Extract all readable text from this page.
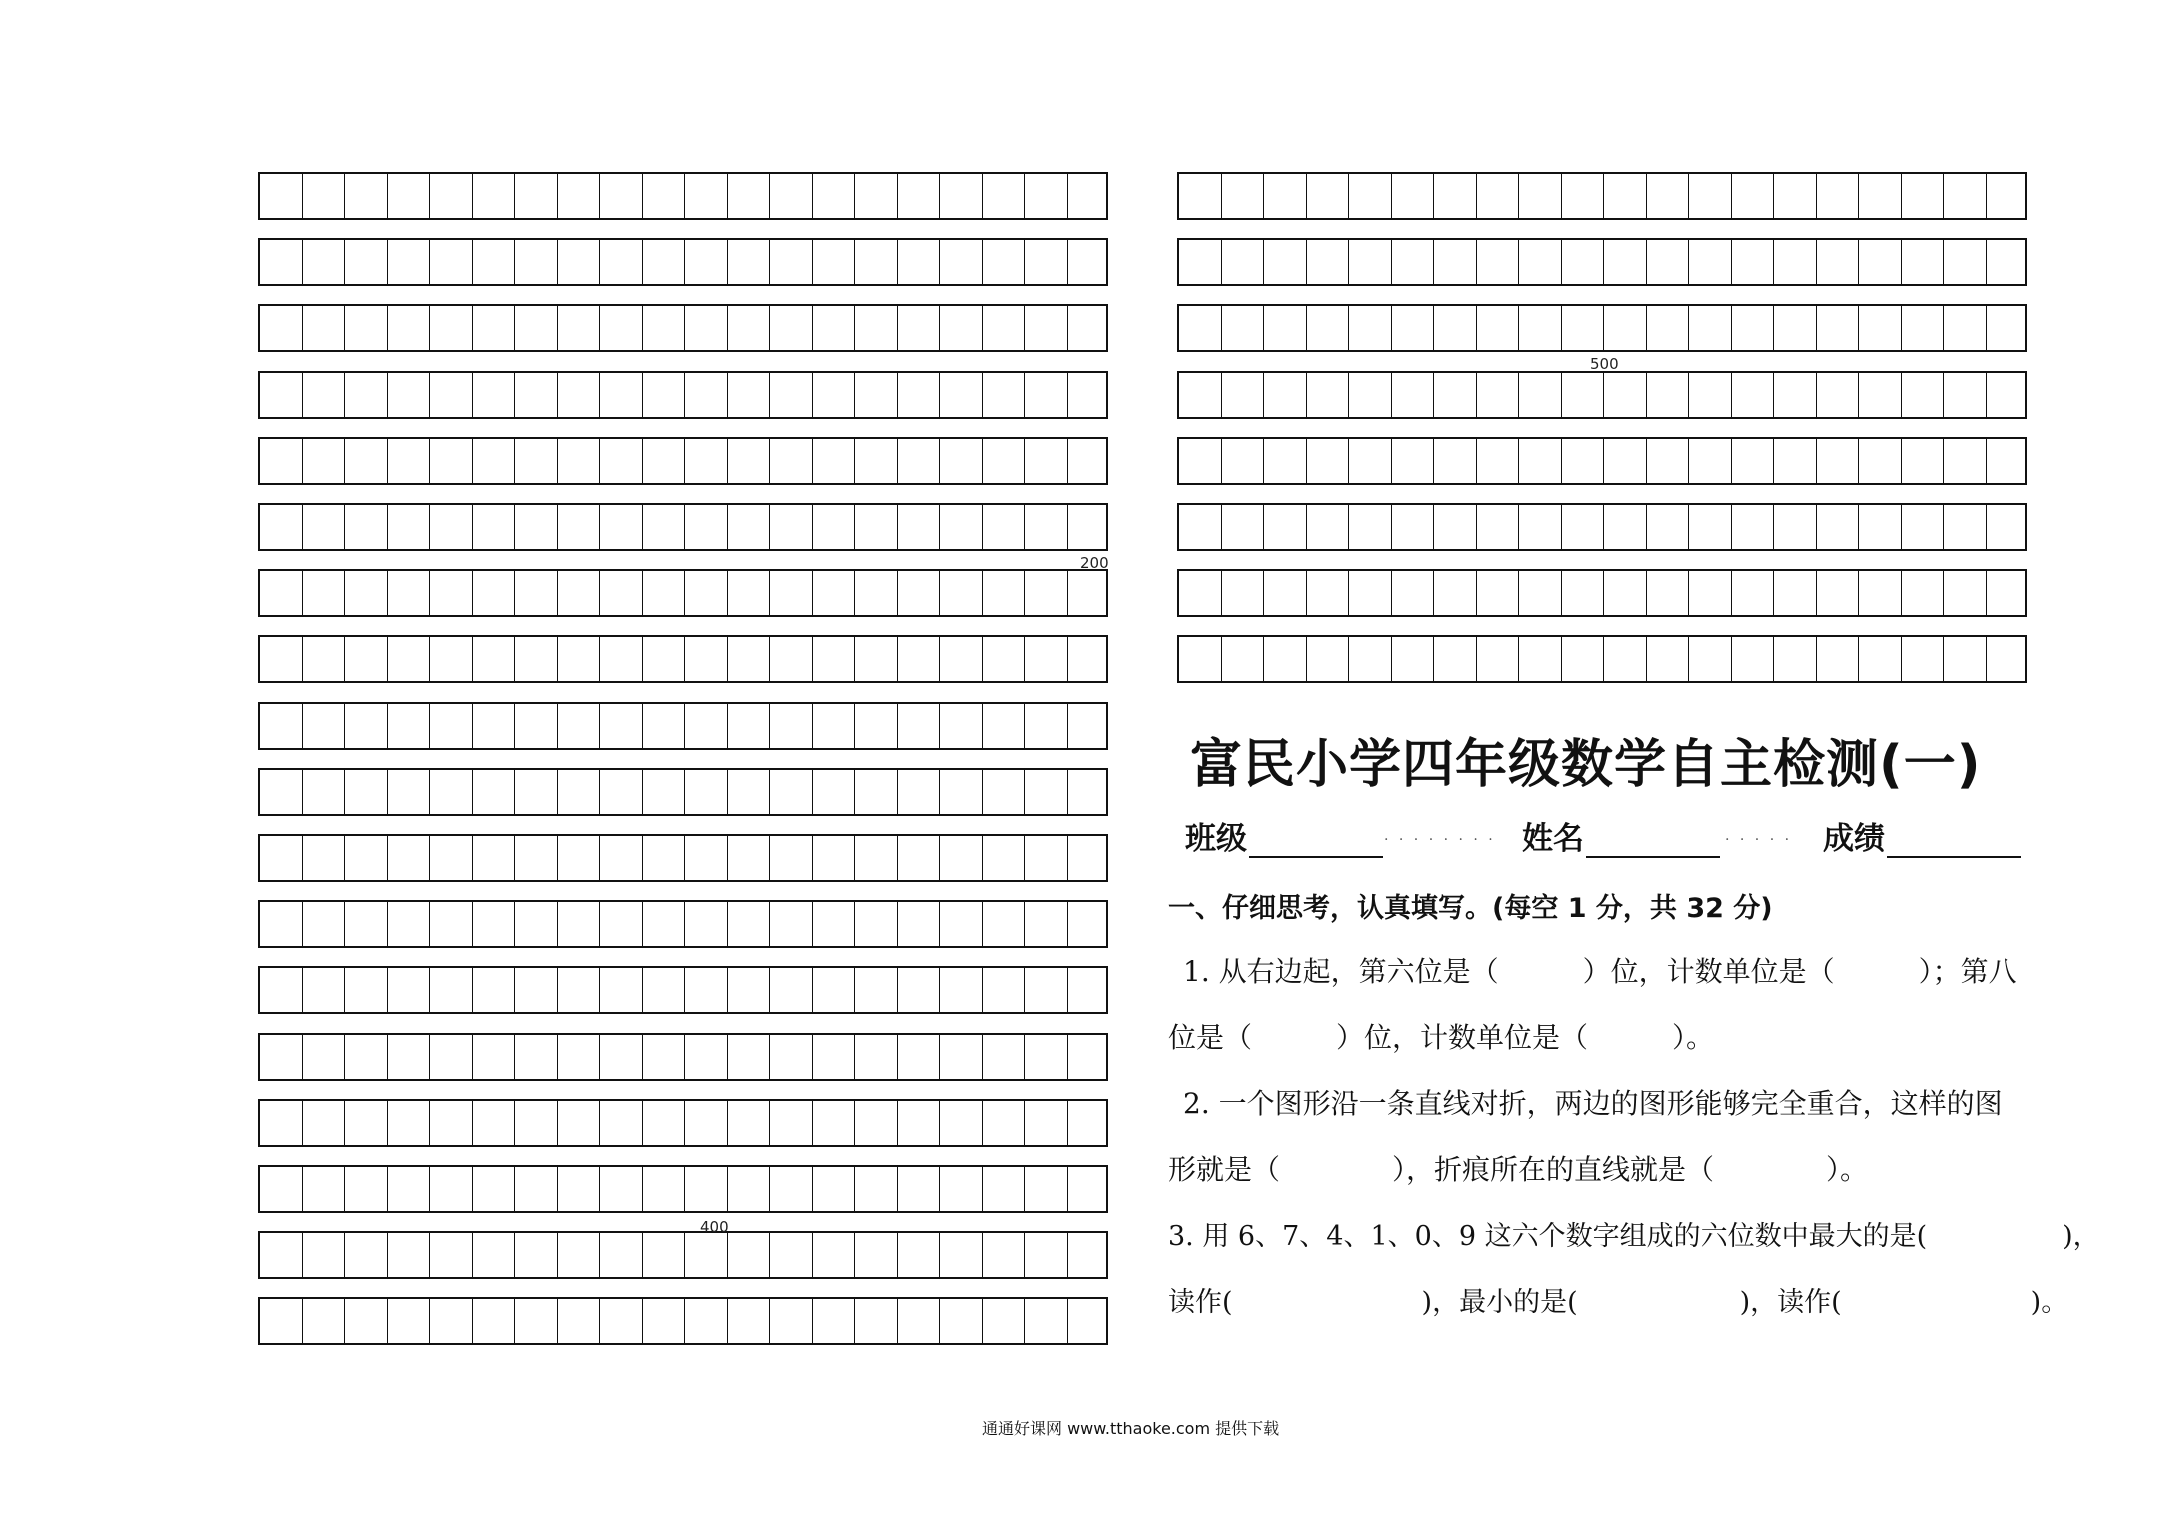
200
400
500
富民小学四年级数学自主检测(一)
班级	. . . . . . . . 姓名	. . . . . 成绩
一、仔细思考，认真填写。(每空 1 分，共 32 分)
1. 从右边起，第六位是（　　　）位，计数单位是（　　　）；第八
位是（　　　）位，计数单位是（　　　）。
2. 一个图形沿一条直线对折，两边的图形能够完全重合，这样的图
形就是（　　　　），折痕所在的直线就是（　　　　）。
3. 用 6、7、4、1、0、9 这六个数字组成的六位数中最大的是(　　　　　)，
读作(　　　　　　　)，最小的是(　　　　　　)，读作(　　　　　　　)。
通通好课网 www.tthaoke.com 提供下载
